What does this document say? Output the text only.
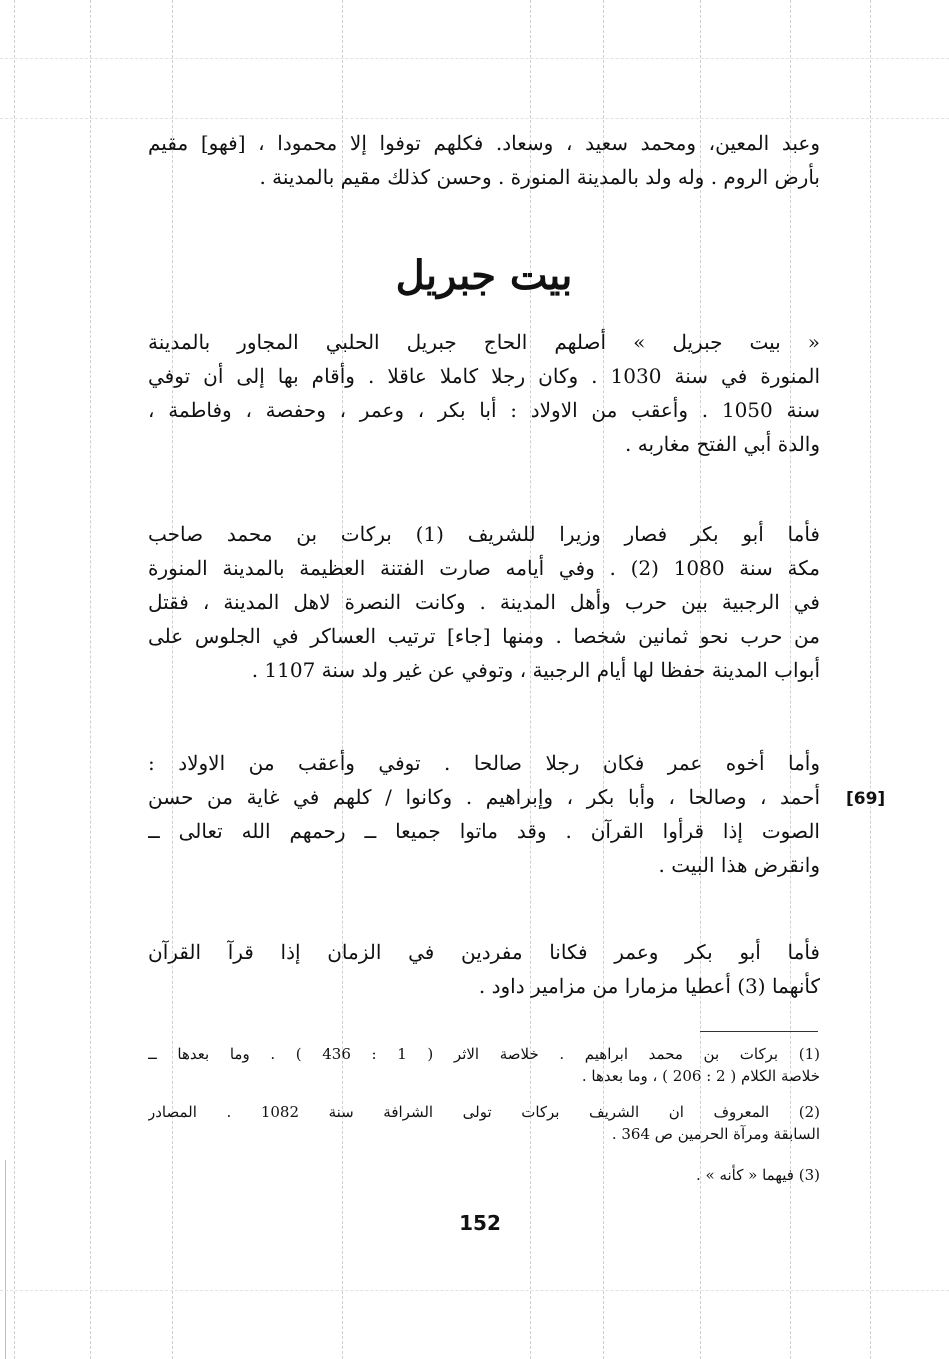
وعبد المعين، ومحمد سعيد ، وسعاد. فكلهم توفوا إلا محمودا ، [فهو] مقيم
بأرض الروم . وله ولد بالمدينة المنورة . وحسن كذلك مقيم بالمدينة .
بيت جبريل
« بيت جبريل » أصلهم الحاج جبريل الحلبي المجاور بالمدينة
المنورة في سنة 1030 . وكان رجلا كاملا عاقلا . وأقام بها إلى أن توفي
سنة 1050 . وأعقب من الاولاد : أبا بكر ، وعمر ، وحفصة ، وفاطمة ،
والدة أبي الفتح مغاربه .
فأما أبو بكر فصار وزيرا للشريف (1) بركات بن محمد صاحب
مكة سنة 1080 (2) . وفي أيامه صارت الفتنة العظيمة بالمدينة المنورة
في الرجبية بين حرب وأهل المدينة . وكانت النصرة لاهل المدينة ، فقتل
من حرب نحو ثمانين شخصا . ومنها [جاء] ترتيب العساكر في الجلوس على
أبواب المدينة حفظا لها أيام الرجبية ، وتوفي عن غير ولد سنة 1107 .
وأما أخوه عمر فكان رجلا صالحا . توفي وأعقب من الاولاد :
أحمد ، وصالحا ، وأبا بكر ، وإبراهيم . وكانوا / كلهم في غاية من حسن
الصوت إذا قرأوا القرآن . وقد ماتوا جميعا ــ رحمهم الله تعالى ــ
وانقرض هذا البيت .
[69]
فأما أبو بكر وعمر فكانا مفردين في الزمان إذا قرآ القرآن
كأنهما (3) أعطيا مزمارا من مزامير داود .
(1) بركات بن محمد ابراهيم . خلاصة الاثر ( 1 : 436 ) . وما بعدها ــ
خلاصة الكلام ( 2 : 206 ) ، وما بعدها .
(2) المعروف ان الشريف بركات تولى الشرافة سنة 1082 . المصادر
السابقة ومرآة الحرمين ص 364 .
(3) فيهما « كأنه » .
152
